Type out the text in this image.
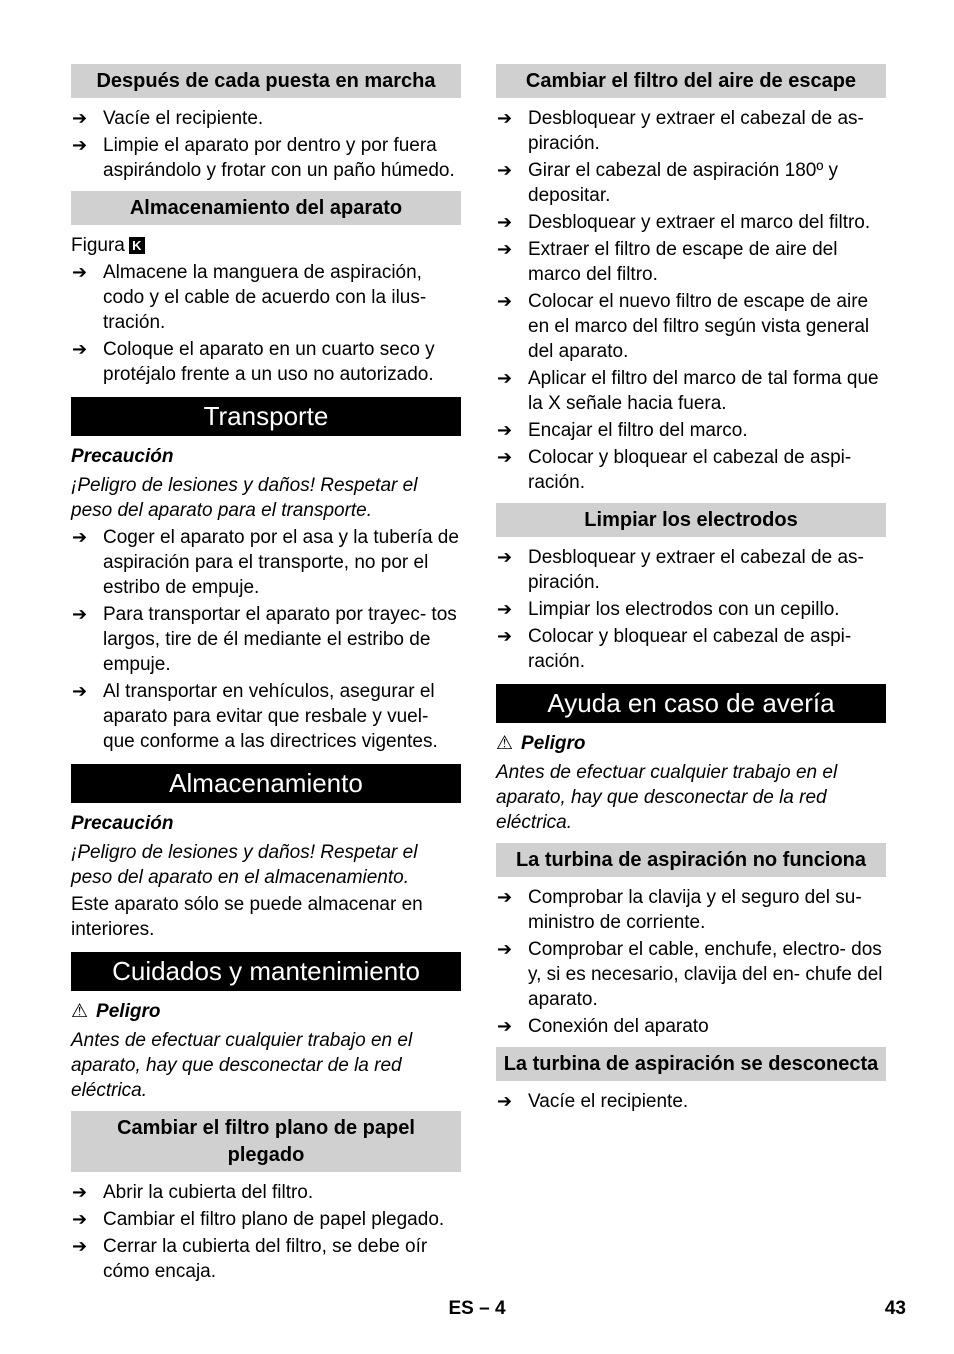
Después de cada puesta en marcha
➔ Vacíe el recipiente.
➔ Limpie el aparato por dentro y por fuera aspirándolo y frotar con un paño húmedo.
Almacenamiento del aparato
Figura K
➔ Almacene la manguera de aspiración, codo y el cable de acuerdo con la ilus- tración.
➔ Coloque el aparato en un cuarto seco y protéjalo frente a un uso no autorizado.
Transporte
Precaución
¡Peligro de lesiones y daños! Respetar el peso del aparato para el transporte.
➔ Coger el aparato por el asa y la tubería de aspiración para el transporte, no por el estribo de empuje.
➔ Para transportar el aparato por trayec- tos largos, tire de él mediante el estribo de empuje.
➔ Al transportar en vehículos, asegurar el aparato para evitar que resbale y vuel- que conforme a las directrices vigentes.
Almacenamiento
Precaución
¡Peligro de lesiones y daños! Respetar el peso del aparato en el almacenamiento.
Este aparato sólo se puede almacenar en interiores.
Cuidados y mantenimiento
⚠ Peligro
Antes de efectuar cualquier trabajo en el aparato, hay que desconectar de la red eléctrica.
Cambiar el filtro plano de papel plegado
➔ Abrir la cubierta del filtro.
➔ Cambiar el filtro plano de papel plegado.
➔ Cerrar la cubierta del filtro, se debe oír cómo encaja.
Cambiar el filtro del aire de escape
➔ Desbloquear y extraer el cabezal de as- piración.
➔ Girar el cabezal de aspiración 180º y depositar.
➔ Desbloquear y extraer el marco del filtro.
➔ Extraer el filtro de escape de aire del marco del filtro.
➔ Colocar el nuevo filtro de escape de aire en el marco del filtro según vista general del aparato.
➔ Aplicar el filtro del marco de tal forma que la X señale hacia fuera.
➔ Encajar el filtro del marco.
➔ Colocar y bloquear el cabezal de aspi- ración.
Limpiar los electrodos
➔ Desbloquear y extraer el cabezal de as- piración.
➔ Limpiar los electrodos con un cepillo.
➔ Colocar y bloquear el cabezal de aspi- ración.
Ayuda en caso de avería
⚠ Peligro
Antes de efectuar cualquier trabajo en el aparato, hay que desconectar de la red eléctrica.
La turbina de aspiración no funciona
➔ Comprobar la clavija y el seguro del su- ministro de corriente.
➔ Comprobar el cable, enchufe, electro- dos y, si es necesario, clavija del en- chufe del aparato.
➔ Conexión del aparato
La turbina de aspiración se desconecta
➔ Vacíe el recipiente.
ES – 4	43
